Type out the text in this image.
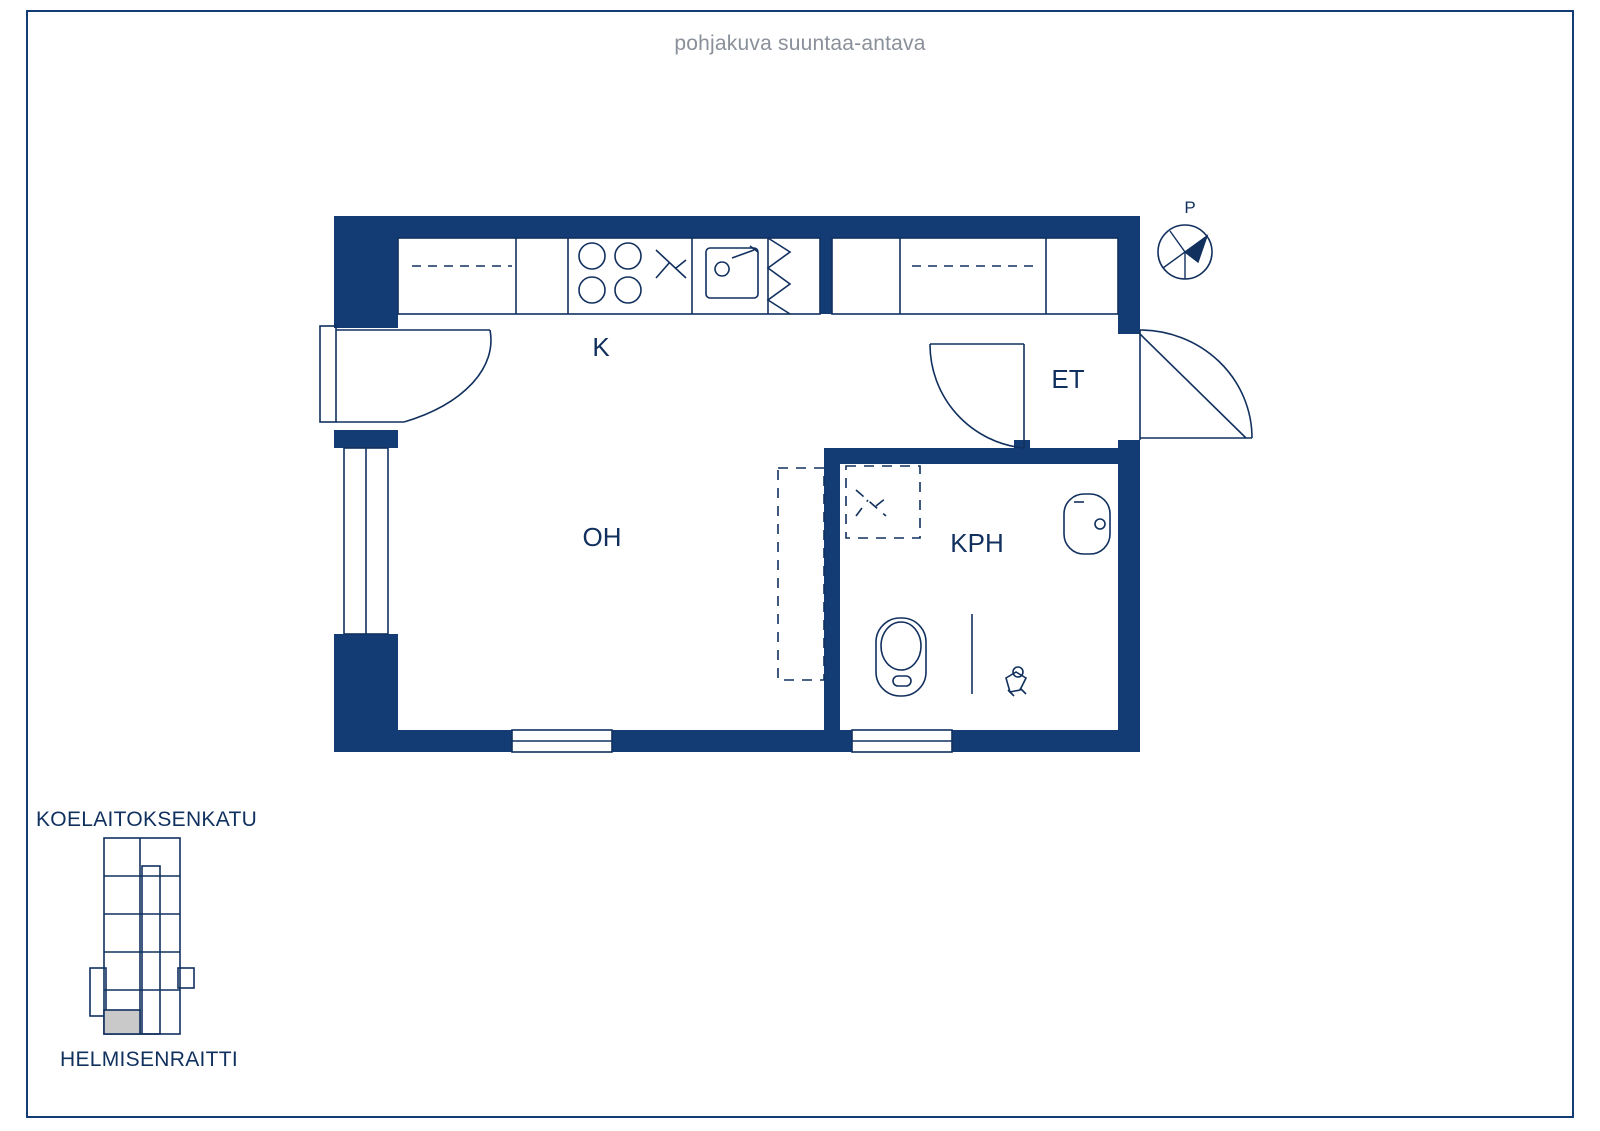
pohjakuva suuntaa-antava
K
ET
OH	KPH
P
KOELAITOKSENKATU
HELMISENRAITTI
